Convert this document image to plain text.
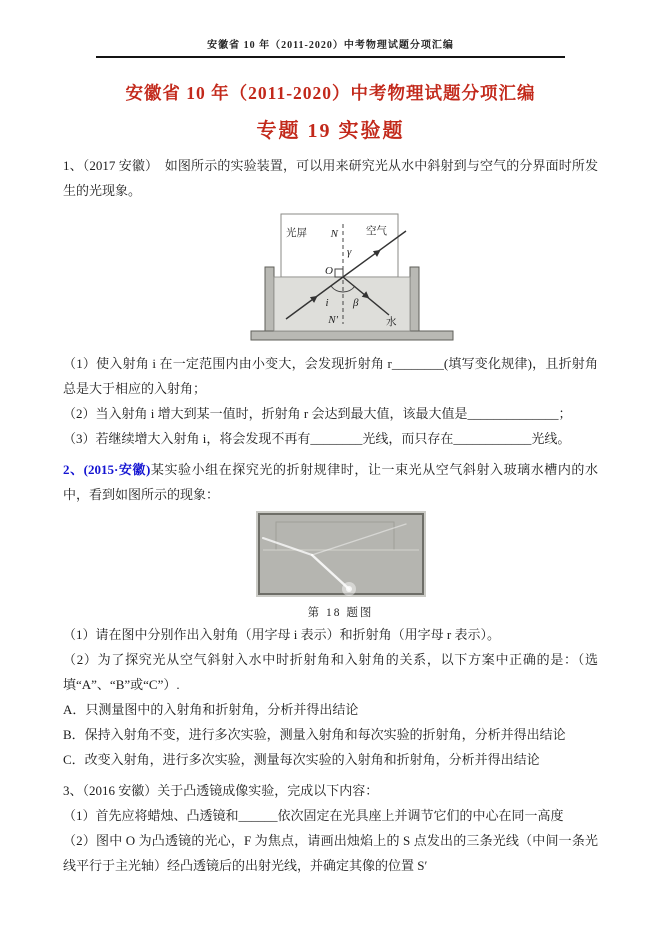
安徽省 10 年（2011-2020）中考物理试题分项汇编
安徽省 10 年（2011-2020）中考物理试题分项汇编
专题 19 实验题

1、（2017 安徽）　如图所示的实验装置，可以用来研究光从水中斜射到与空气的分界面时所发生的光现象。

光屏 N	空气
γ
O
i β
N′	水

（1）使入射角 i 在一定范围内由小变大，会发现折射角 r________(填写变化规律)，且折射角总是大于相应的入射角；

（2）当入射角 i 增大到某一值时，折射角 r 会达到最大值，该最大值是______________；

（3）若继续增大入射角 i，将会发现不再有________光线，而只存在____________光线。

2、(2015·安徽)某实验小组在探究光的折射规律时，让一束光从空气斜射入玻璃水槽内的水中，看到如图所示的现象：

第 18 题图

（1）请在图中分别作出入射角（用字母 i 表示）和折射角（用字母 r 表示）。

（2）为了探究光从空气斜射入水中时折射角和入射角的关系，以下方案中正确的是：（选填“A”、“B”或“C”）.

A．只测量图中的入射角和折射角，分析并得出结论

B．保持入射角不变，进行多次实验，测量入射角和每次实验的折射角，分析并得出结论

C．改变入射角，进行多次实验，测量每次实验的入射角和折射角，分析并得出结论

3、（2016 安徽）关于凸透镜成像实验，完成以下内容：

（1）首先应将蜡烛、凸透镜和______依次固定在光具座上并调节它们的中心在同一高度

（2）图中 O 为凸透镜的光心，F 为焦点，请画出烛焰上的 S 点发出的三条光线（中间一条光线平行于主光轴）经凸透镜后的出射光线，并确定其像的位置 S′
